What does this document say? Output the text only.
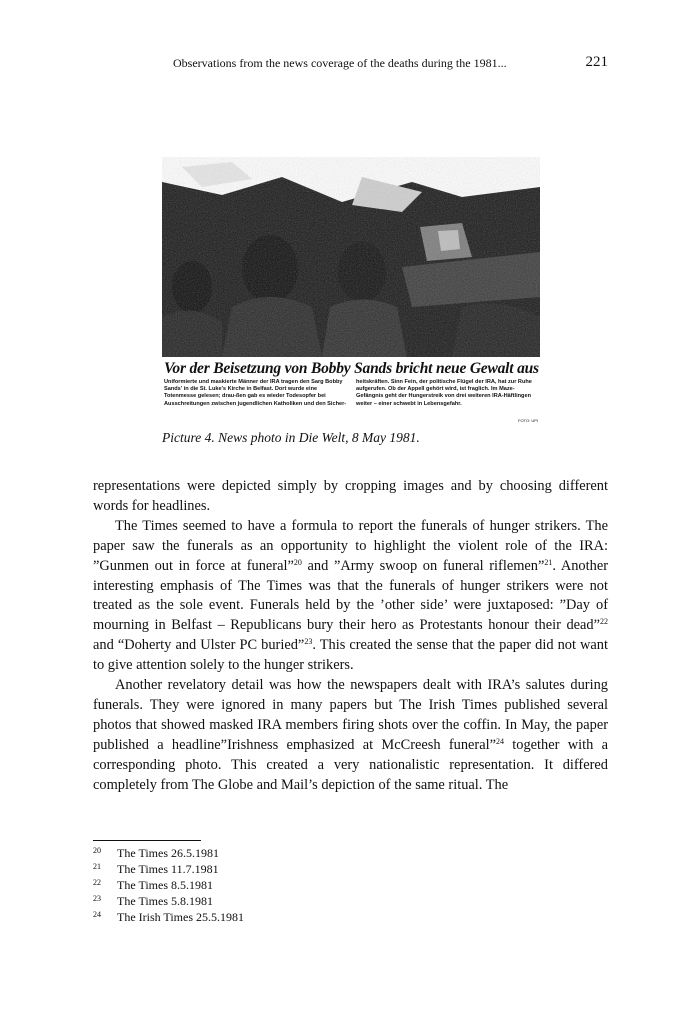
Observations from the news coverage of the deaths during the 1981...	221
Vor der Beisetzung von Bobby Sands bricht neue Gewalt aus
Uniformierte und maskierte Männer der IRA tragen den Sarg Bobby Sands' in die St. Luke's Kirche in Belfast. Dort wurde eine Totenmesse gelesen; drau-ßen gab es wieder Todesopfer bei Ausschreitungen zwischen jugendlichen Katholiken und den Sicher-
heitskräften. Sinn Fein, der politische Flügel der IRA, hat zur Ruhe aufgerufen. Ob der Appell gehört wird, ist fraglich. Im Maze-Gefängnis geht der Hungerstreik von drei weiteren IRA-Häftlingen weiter – einer schwebt in Lebensgefahr.
FOTO: UPI
Picture 4. News photo in Die Welt, 8 May 1981.

representations were depicted simply by cropping images and by choosing different words for headlines.

The Times seemed to have a formula to report the funerals of hunger strikers. The paper saw the funerals as an opportunity to highlight the violent role of the IRA: ”Gunmen out in force at funeral”$^{20}$ and ”Army swoop on funeral riflemen”$^{21}$. Another interesting emphasis of The Times was that the funerals of hunger strikers were not treated as the sole event. Funerals held by the ’other side’ were juxtaposed: ”Day of mourning in Belfast – Republicans bury their hero as Protestants honour their dead”$^{22}$ and “Doherty and Ulster PC buried”$^{23}$. This created the sense that the paper did not want to give attention solely to the hunger strikers.

Another revelatory detail was how the newspapers dealt with IRA’s salutes during funerals. They were ignored in many papers but The Irish Times published several photos that showed masked IRA members firing shots over the coffin. In May, the paper published a headline”Irishness emphasized at McCreesh funeral”$^{24}$ together with a corresponding photo. This created a very nationalistic representation. It differed completely from The Globe and Mail’s depiction of the same ritual. The

20	The Times 26.5.1981
21	The Times 11.7.1981
22	The Times 8.5.1981
23	The Times 5.8.1981
24	The Irish Times 25.5.1981
